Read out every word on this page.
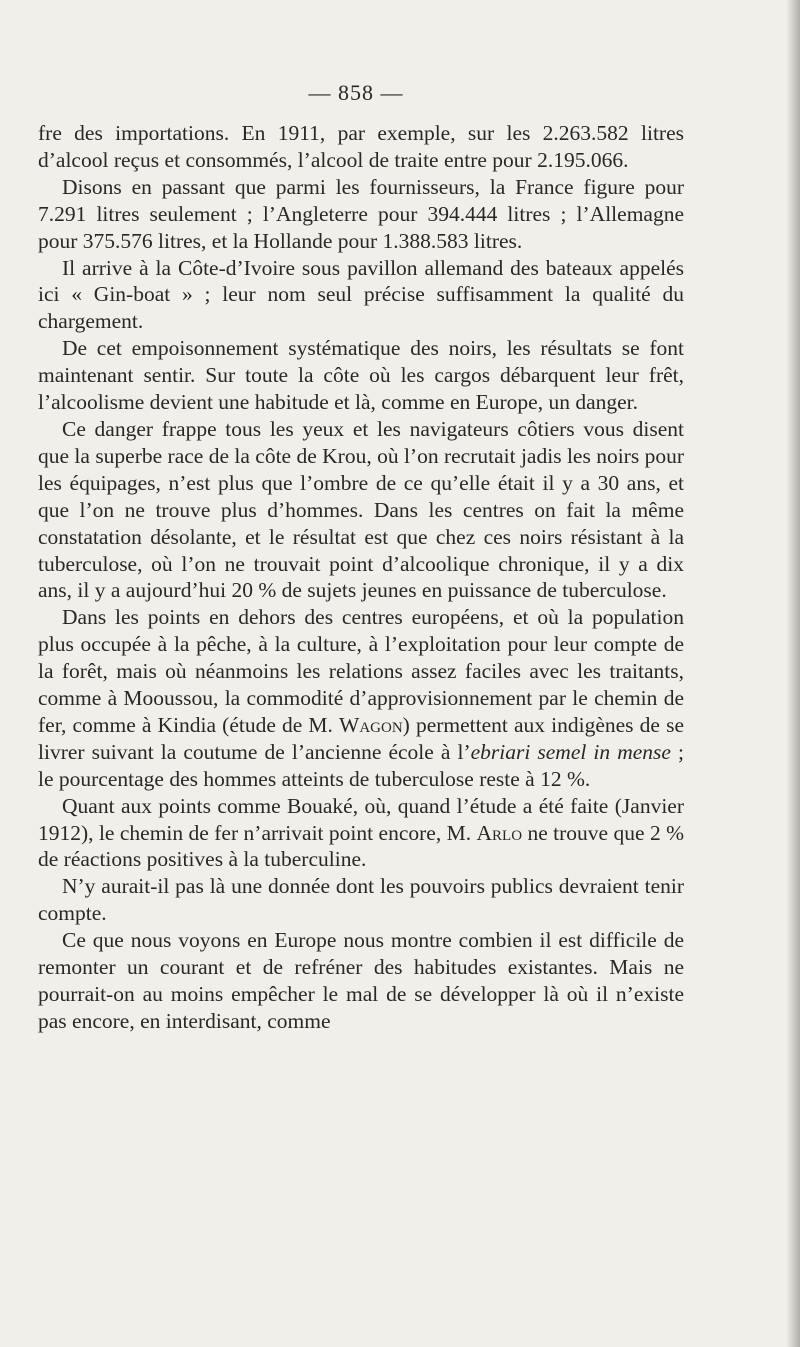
— 858 —

fre des importations. En 1911, par exemple, sur les 2.263.582 litres d’alcool reçus et consommés, l’alcool de traite entre pour 2.195.066.

Disons en passant que parmi les fournisseurs, la France figure pour 7.291 litres seulement ; l’Angleterre pour 394.444 litres ; l’Allemagne pour 375.576 litres, et la Hollande pour 1.388.583 litres.

Il arrive à la Côte-d’Ivoire sous pavillon allemand des bateaux appelés ici « Gin-boat » ; leur nom seul précise suffisamment la qualité du chargement.

De cet empoisonnement systématique des noirs, les résultats se font maintenant sentir. Sur toute la côte où les cargos débarquent leur frêt, l’alcoolisme devient une habitude et là, comme en Europe, un danger.

Ce danger frappe tous les yeux et les navigateurs côtiers vous disent que la superbe race de la côte de Krou, où l’on recrutait jadis les noirs pour les équipages, n’est plus que l’ombre de ce qu’elle était il y a 30 ans, et que l’on ne trouve plus d’hommes. Dans les centres on fait la même constatation désolante, et le résultat est que chez ces noirs résistant à la tuberculose, où l’on ne trouvait point d’alcoolique chronique, il y a dix ans, il y a aujourd’hui 20 % de sujets jeunes en puissance de tuberculose.

Dans les points en dehors des centres européens, et où la population plus occupée à la pêche, à la culture, à l’exploitation pour leur compte de la forêt, mais où néanmoins les relations assez faciles avec les traitants, comme à Mooussou, la commodité d’approvisionnement par le chemin de fer, comme à Kindia (étude de M. Wagon) permettent aux indigènes de se livrer suivant la coutume de l’ancienne école à l’ebriari semel in mense ; le pourcentage des hommes atteints de tuberculose reste à 12 %.

Quant aux points comme Bouaké, où, quand l’étude a été faite (Janvier 1912), le chemin de fer n’arrivait point encore, M. Arlo ne trouve que 2 % de réactions positives à la tuberculine.

N’y aurait-il pas là une donnée dont les pouvoirs publics devraient tenir compte.

Ce que nous voyons en Europe nous montre combien il est difficile de remonter un courant et de refréner des habitudes existantes. Mais ne pourrait-on au moins empêcher le mal de se développer là où il n’existe pas encore, en interdisant, comme
